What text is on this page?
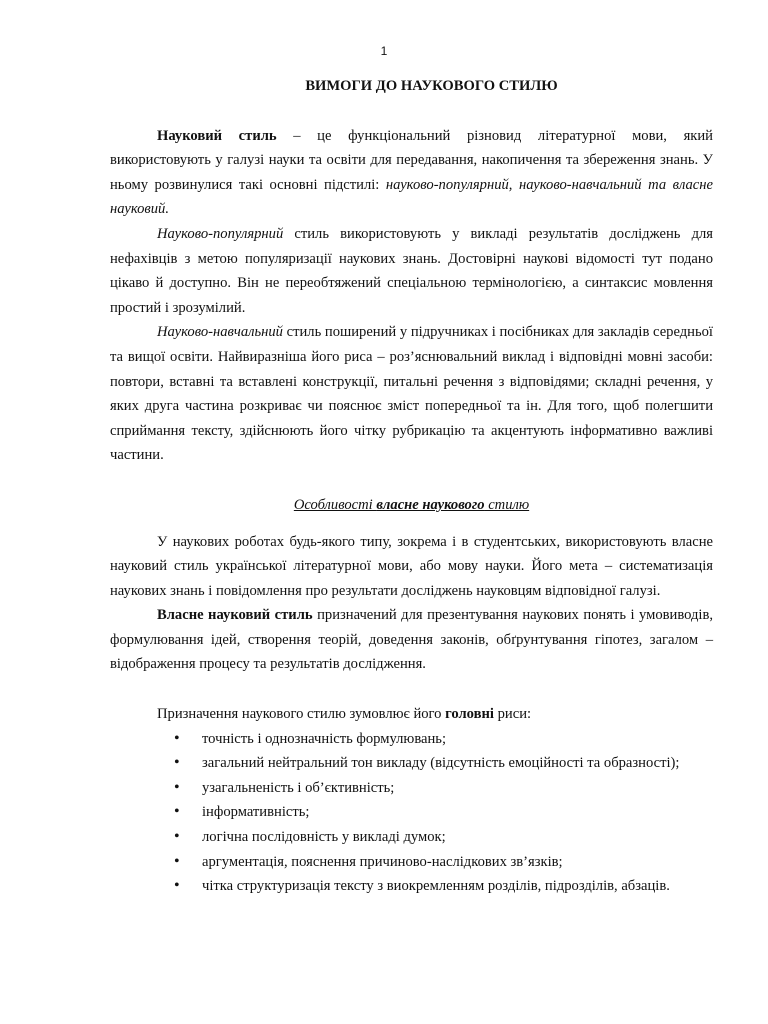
1
ВИМОГИ ДО НАУКОВОГО СТИЛЮ

Науковий стиль – це функціональний різновид літературної мови, який використовують у галузі науки та освіти для передавання, накопичення та збереження знань. У ньому розвинулися такі основні підстилі: науково-популярний, науково-навчальний та власне науковий.

Науково-популярний стиль використовують у викладі результатів досліджень для нефахівців з метою популяризації наукових знань. Достовірні наукові відомості тут подано цікаво й доступно. Він не переобтяжений спеціальною термінологією, а синтаксис мовлення простий і зрозумілий.

Науково-навчальний стиль поширений у підручниках і посібниках для закладів середньої та вищої освіти. Найвиразніша його риса – роз’яснювальний виклад і відповідні мовні засоби: повтори, вставні та вставлені конструкції, питальні речення з відповідями; складні речення, у яких друга частина розкриває чи пояснює зміст попередньої та ін. Для того, щоб полегшити сприймання тексту, здійснюють його чітку рубрикацію та акцентують інформативно важливі частини.

Особливості власне наукового стилю

У наукових роботах будь-якого типу, зокрема і в студентських, використовують власне науковий стиль української літературної мови, або мову науки. Його мета – систематизація наукових знань і повідомлення про результати досліджень науковцям відповідної галузі.

Власне науковий стиль призначений для презентування наукових понять і умовиводів, формулювання ідей, створення теорій, доведення законів, обґрунтування гіпотез, загалом – відображення процесу та результатів дослідження.

Призначення наукового стилю зумовлює його головні риси:

• точність і однозначність формулювань;
• загальний нейтральний тон викладу (відсутність емоційності та образності);
• узагальненість і об’єктивність;
• інформативність;
• логічна послідовність у викладі думок;
• аргументація, пояснення причиново-наслідкових зв’язків;
• чітка структуризація тексту з виокремленням розділів, підрозділів, абзаців.
